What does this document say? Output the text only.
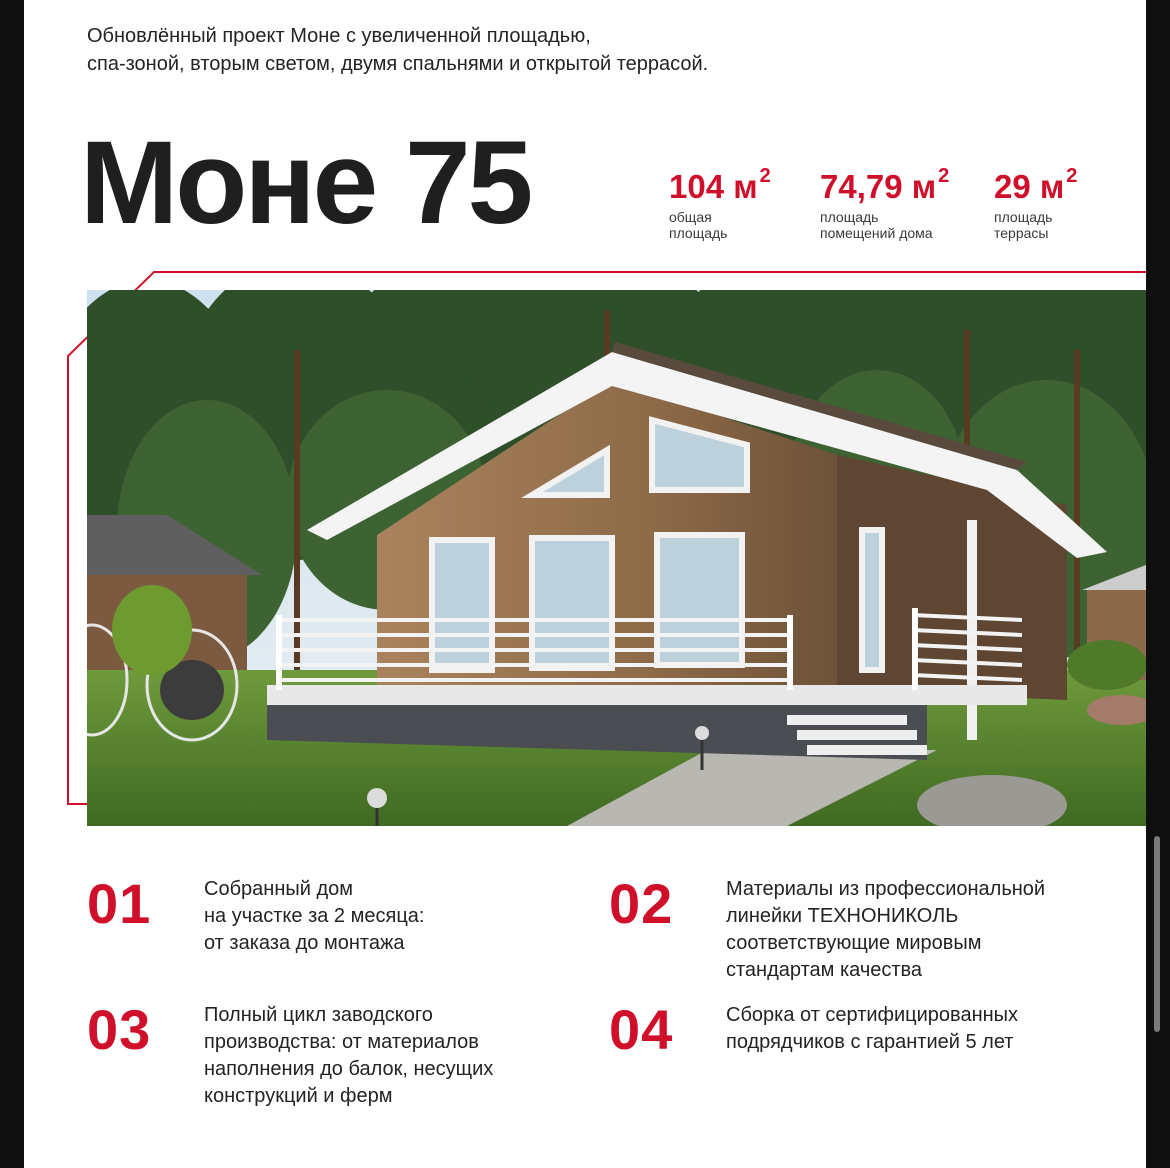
Обновлённый проект Моне с увеличенной площадью,
спа-зоной, вторым светом, двумя спальнями и открытой террасой.
Моне 75	104 м $^2$
общая
площадь
74,79 м $^2$
площадь
помещений дома
29 м $^2$
площадь
террасы
01	Собранный дом
на участке за 2 месяца:
от заказа до монтажа
02	Материалы из профессиональной
линейки ТЕХНОНИКОЛЬ
соответствующие мировым
стандартам качества
03	Полный цикл заводского
производства: от материалов
наполнения до балок, несущих
конструкций и ферм
04	Сборка от сертифицированных
подрядчиков с гарантией 5 лет
